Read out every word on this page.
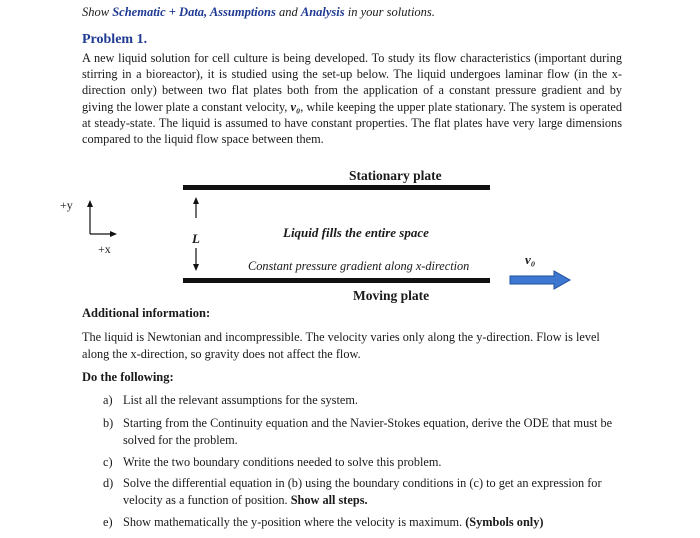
Show Schematic + Data, Assumptions and Analysis in your solutions.
Problem 1.
A new liquid solution for cell culture is being developed. To study its flow characteristics (important during stirring in a bioreactor), it is studied using the set-up below. The liquid undergoes laminar flow (in the x-direction only) between two flat plates both from the application of a constant pressure gradient and by giving the lower plate a constant velocity, v₀, while keeping the upper plate stationary. The system is operated at steady-state. The liquid is assumed to have constant properties. The flat plates have very large dimensions compared to the liquid flow space between them.
Stationary plate
+y
+x
L	Liquid fills the entire space
Constant pressure gradient along x-direction
Moving plate
v₀
Additional information:
The liquid is Newtonian and incompressible. The velocity varies only along the y-direction. Flow is level along the x-direction, so gravity does not affect the flow.
Do the following:
a) List all the relevant assumptions for the system.
b) Starting from the Continuity equation and the Navier-Stokes equation, derive the ODE that must be solved for the problem.
c) Write the two boundary conditions needed to solve this problem.
d) Solve the differential equation in (b) using the boundary conditions in (c) to get an expression for velocity as a function of position. Show all steps.
e) Show mathematically the y-position where the velocity is maximum. (Symbols only)
